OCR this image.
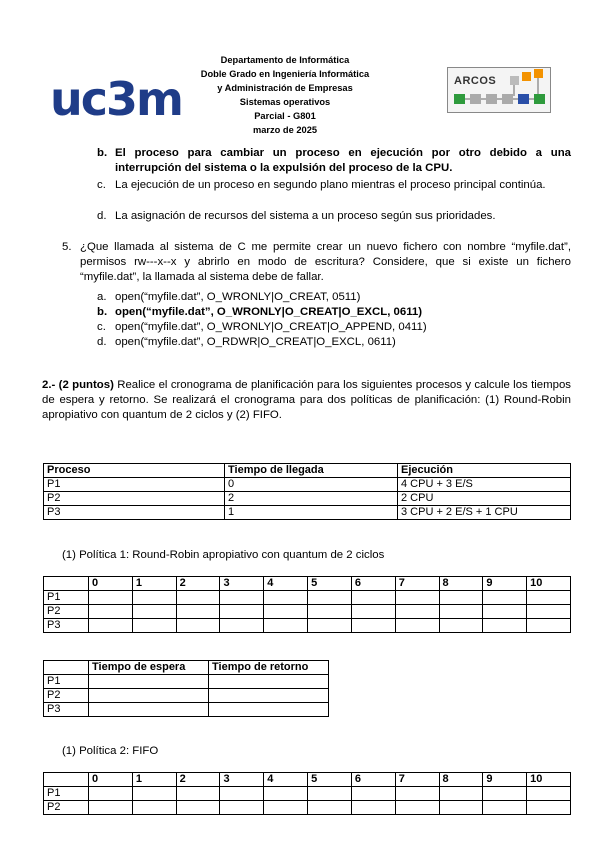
uc3m
Departamento de Informática
Doble Grado en Ingeniería Informática
y Administración de Empresas
Sistemas operativos
Parcial - G801
marzo de 2025
ARCOS
b. El proceso para cambiar un proceso en ejecución por otro debido a una interrupción del sistema o la expulsión del proceso de la CPU.
c. La ejecución de un proceso en segundo plano mientras el proceso principal continúa.
d. La asignación de recursos del sistema a un proceso según sus prioridades.
5. ¿Que llamada al sistema de C me permite crear un nuevo fichero con nombre “myfile.dat”, permisos rw---x--x y abrirlo en modo de escritura? Considere, que si existe un fichero “myfile.dat”, la llamada al sistema debe de fallar.
a. open(“myfile.dat”, O_WRONLY|O_CREAT, 0511)
b. open(“myfile.dat”, O_WRONLY|O_CREAT|O_EXCL, 0611)
c. open(“myfile.dat”, O_WRONLY|O_CREAT|O_APPEND, 0411)
d. open(“myfile.dat”, O_RDWR|O_CREAT|O_EXCL, 0611)
2.- (2 puntos) Realice el cronograma de planificación para los siguientes procesos y calcule los tiempos de espera y retorno. Se realizará el cronograma para dos políticas de planificación: (1) Round-Robin apropiativo con quantum de 2 ciclos y (2) FIFO.
Proceso	Tiempo de llegada	Ejecución
P1	0	4 CPU + 3 E/S
P2	2	2 CPU
P3	1	3 CPU + 2 E/S + 1 CPU
(1) Política 1: Round-Robin apropiativo con quantum de 2 ciclos
	0	1	2	3	4	5	6	7	8	9	10
P1											
P2											
P3											
	Tiempo de espera	Tiempo de retorno
P1		
P2		
P3		
(1) Política 2: FIFO
	0	1	2	3	4	5	6	7	8	9	10
P1											
P2											
